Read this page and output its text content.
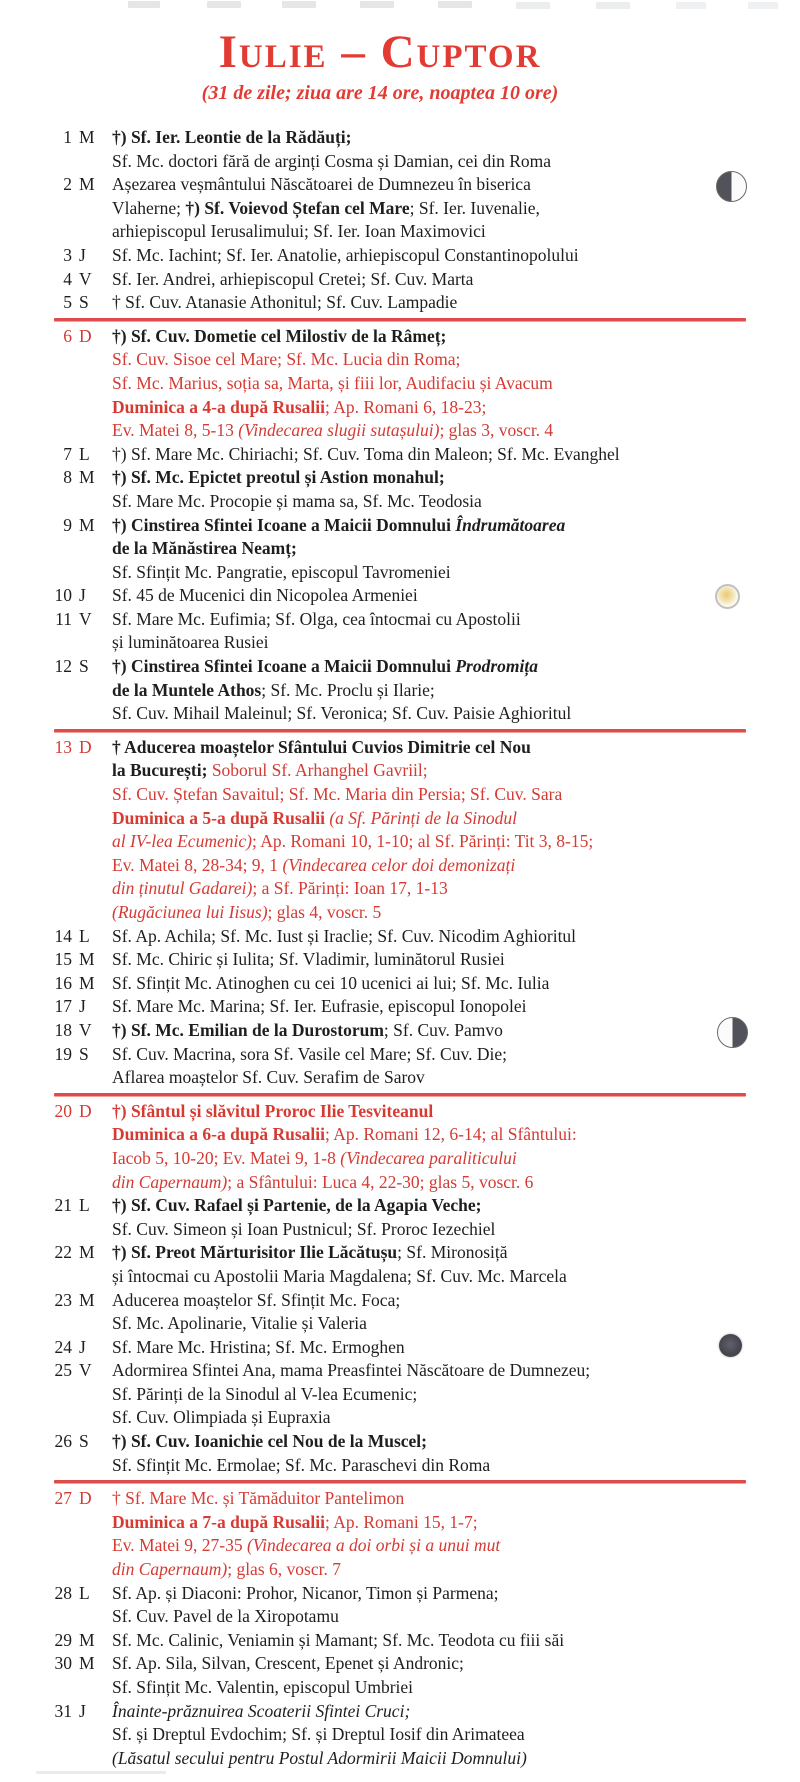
Iulie – Cuptor
(31 de zile; ziua are 14 ore, noaptea 10 ore)
1 M †) Sf. Ier. Leontie de la Rădăuți;
Sf. Mc. doctori fără de arginți Cosma și Damian, cei din Roma
2 M Așezarea veșmântului Născătoarei de Dumnezeu în biserica
Vlaherne; †) Sf. Voievod Ștefan cel Mare; Sf. Ier. Iuvenalie,
arhiepiscopul Ierusalimului; Sf. Ier. Ioan Maximovici
3 J Sf. Mc. Iachint; Sf. Ier. Anatolie, arhiepiscopul Constantinopolului
4 V Sf. Ier. Andrei, arhiepiscopul Cretei; Sf. Cuv. Marta
5 S † Sf. Cuv. Atanasie Athonitul; Sf. Cuv. Lampadie
6 D †) Sf. Cuv. Dometie cel Milostiv de la Râmeț;
Sf. Cuv. Sisoe cel Mare; Sf. Mc. Lucia din Roma;
Sf. Mc. Marius, soția sa, Marta, și fiii lor, Audifaciu și Avacum
Duminica a 4-a după Rusalii; Ap. Romani 6, 18-23;
Ev. Matei 8, 5-13 (Vindecarea slugii sutașului); glas 3, voscr. 4
7 L †) Sf. Mare Mc. Chiriachi; Sf. Cuv. Toma din Maleon; Sf. Mc. Evanghel
8 M †) Sf. Mc. Epictet preotul și Astion monahul;
Sf. Mare Mc. Procopie și mama sa, Sf. Mc. Teodosia
9 M †) Cinstirea Sfintei Icoane a Maicii Domnului Îndrumătoarea
de la Mănăstirea Neamț;
Sf. Sfințit Mc. Pangratie, episcopul Tavromeniei
10 J Sf. 45 de Mucenici din Nicopolea Armeniei
11 V Sf. Mare Mc. Eufimia; Sf. Olga, cea întocmai cu Apostolii
și luminătoarea Rusiei
12 S †) Cinstirea Sfintei Icoane a Maicii Domnului Prodromița
de la Muntele Athos; Sf. Mc. Proclu și Ilarie;
Sf. Cuv. Mihail Maleinul; Sf. Veronica; Sf. Cuv. Paisie Aghioritul
13 D † Aducerea moaștelor Sfântului Cuvios Dimitrie cel Nou
la București; Soborul Sf. Arhanghel Gavriil;
Sf. Cuv. Ștefan Savaitul; Sf. Mc. Maria din Persia; Sf. Cuv. Sara
Duminica a 5-a după Rusalii (a Sf. Părinți de la Sinodul
al IV-lea Ecumenic); Ap. Romani 10, 1-10; al Sf. Părinți: Tit 3, 8-15;
Ev. Matei 8, 28-34; 9, 1 (Vindecarea celor doi demonizați
din ținutul Gadarei); a Sf. Părinți: Ioan 17, 1-13
(Rugăciunea lui Iisus); glas 4, voscr. 5
14 L Sf. Ap. Achila; Sf. Mc. Iust și Iraclie; Sf. Cuv. Nicodim Aghioritul
15 M Sf. Mc. Chiric și Iulita; Sf. Vladimir, luminătorul Rusiei
16 M Sf. Sfințit Mc. Atinoghen cu cei 10 ucenici ai lui; Sf. Mc. Iulia
17 J Sf. Mare Mc. Marina; Sf. Ier. Eufrasie, episcopul Ionopolei
18 V †) Sf. Mc. Emilian de la Durostorum; Sf. Cuv. Pamvo
19 S Sf. Cuv. Macrina, sora Sf. Vasile cel Mare; Sf. Cuv. Die;
Aflarea moaștelor Sf. Cuv. Serafim de Sarov
20 D †) Sfântul și slăvitul Proroc Ilie Tesviteanul
Duminica a 6-a după Rusalii; Ap. Romani 12, 6-14; al Sfântului:
Iacob 5, 10-20; Ev. Matei 9, 1-8 (Vindecarea paraliticului
din Capernaum); a Sfântului: Luca 4, 22-30; glas 5, voscr. 6
21 L †) Sf. Cuv. Rafael și Partenie, de la Agapia Veche;
Sf. Cuv. Simeon și Ioan Pustnicul; Sf. Proroc Iezechiel
22 M †) Sf. Preot Mărturisitor Ilie Lăcătușu; Sf. Mironosiță
și întocmai cu Apostolii Maria Magdalena; Sf. Cuv. Mc. Marcela
23 M Aducerea moaștelor Sf. Sfințit Mc. Foca;
Sf. Mc. Apolinarie, Vitalie și Valeria
24 J Sf. Mare Mc. Hristina; Sf. Mc. Ermoghen
25 V Adormirea Sfintei Ana, mama Preasfintei Născătoare de Dumnezeu;
Sf. Părinți de la Sinodul al V-lea Ecumenic;
Sf. Cuv. Olimpiada și Eupraxia
26 S †) Sf. Cuv. Ioanichie cel Nou de la Muscel;
Sf. Sfințit Mc. Ermolae; Sf. Mc. Paraschevi din Roma
27 D † Sf. Mare Mc. și Tămăduitor Pantelimon
Duminica a 7-a după Rusalii; Ap. Romani 15, 1-7;
Ev. Matei 9, 27-35 (Vindecarea a doi orbi și a unui mut
din Capernaum); glas 6, voscr. 7
28 L Sf. Ap. și Diaconi: Prohor, Nicanor, Timon și Parmena;
Sf. Cuv. Pavel de la Xiropotamu
29 M Sf. Mc. Calinic, Veniamin și Mamant; Sf. Mc. Teodota cu fiii săi
30 M Sf. Ap. Sila, Silvan, Crescent, Epenet și Andronic;
Sf. Sfințit Mc. Valentin, episcopul Umbriei
31 J Înainte-prăznuirea Scoaterii Sfintei Cruci;
Sf. și Dreptul Evdochim; Sf. și Dreptul Iosif din Arimateea
(Lăsatul secului pentru Postul Adormirii Maicii Domnului)
